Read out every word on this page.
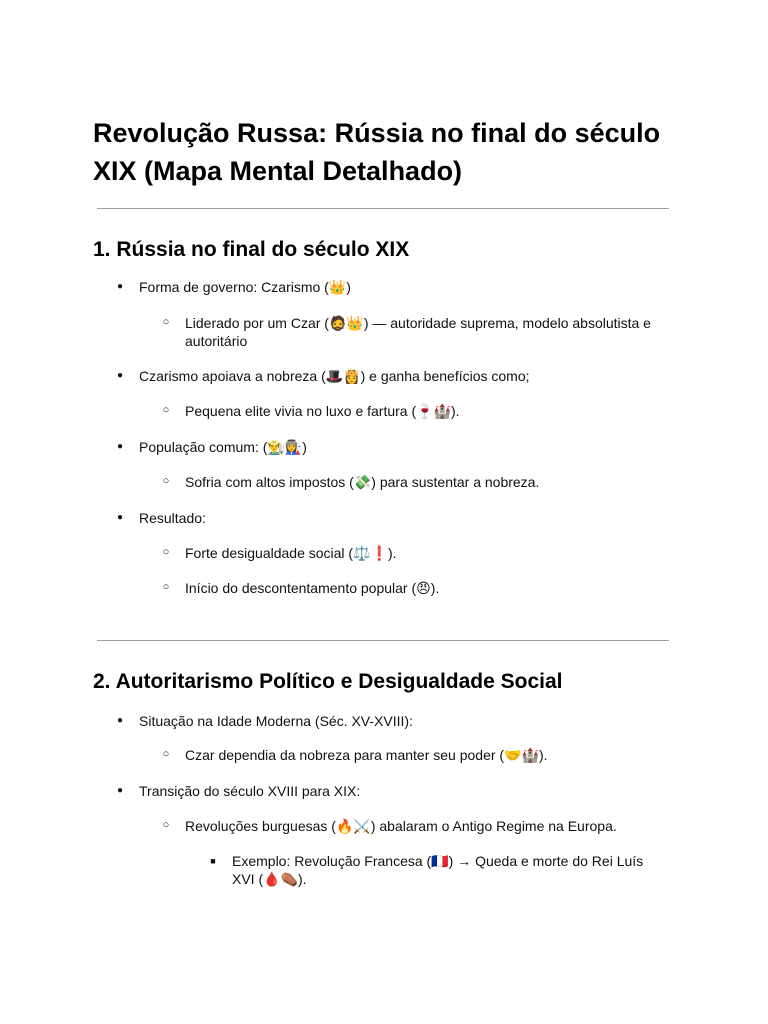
Revolução Russa: Rússia no final do século XIX (Mapa Mental Detalhado)
1. Rússia no final do século XIX
● Forma de governo: Czarismo (👑)
○ Liderado por um Czar (🧔👑) — autoridade suprema, modelo absolutista e autoritário
● Czarismo apoiava a nobreza (🎩👸) e ganha benefícios como;
○ Pequena elite vivia no luxo e fartura (🍷🏰).
● População comum: (👨‍🌾👩‍🏭)
○ Sofria com altos impostos (💸) para sustentar a nobreza.
● Resultado:
○ Forte desigualdade social (⚖️❗).
○ Início do descontentamento popular (😠).
2. Autoritarismo Político e Desigualdade Social
● Situação na Idade Moderna (Séc. XV-XVIII):
○ Czar dependia da nobreza para manter seu poder (🤝🏰).
● Transição do século XVIII para XIX:
○ Revoluções burguesas (🔥⚔️) abalaram o Antigo Regime na Europa.
■ Exemplo: Revolução Francesa (🇫🇷) → Queda e morte do Rei Luís XVI (🩸⚰️).
